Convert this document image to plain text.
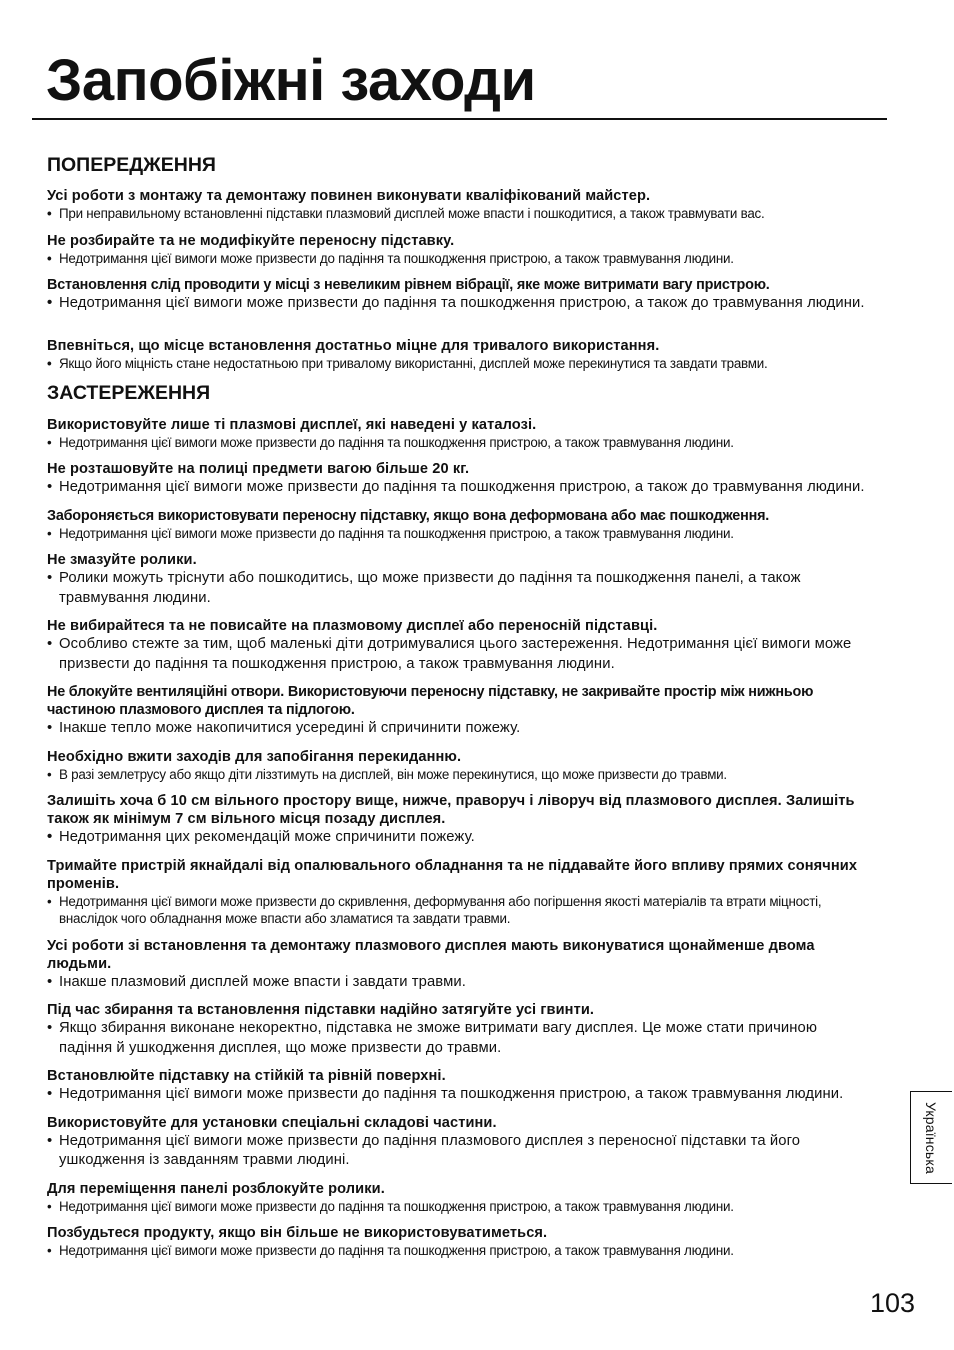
Запобіжні заходи
ПОПЕРЕДЖЕННЯ
Усі роботи з монтажу та демонтажу повинен виконувати кваліфікований майстер.
• При неправильному встановленні підставки плазмовий дисплей може впасти і пошкодитися, а також травмувати вас.
Не розбирайте та не модифікуйте переносну підставку.
• Недотримання цієї вимоги може призвести до падіння та пошкодження пристрою, а також травмування людини.
Встановлення слід проводити у місці з невеликим рівнем вібрації, яке може витримати вагу пристрою.
• Недотримання цієї вимоги може призвести до падіння та пошкодження пристрою, а також до травмування людини.
Впевніться, що місце встановлення достатньо міцне для тривалого використання.
• Якщо його міцність стане недостатньою при тривалому використанні, дисплей може перекинутися та завдати травми.
ЗАСТЕРЕЖЕННЯ
Використовуйте лише ті плазмові дисплеї, які наведені у каталозі.
• Недотримання цієї вимоги може призвести до падіння та пошкодження пристрою, а також травмування людини.
Не розташовуйте на полиці предмети вагою більше 20 кг.
• Недотримання цієї вимоги може призвести до падіння та пошкодження пристрою, а також до травмування людини.
Забороняється використовувати переносну підставку, якщо вона деформована або має пошкодження.
• Недотримання цієї вимоги може призвести до падіння та пошкодження пристрою, а також травмування людини.
Не змазуйте ролики.
• Ролики можуть тріснути або пошкодитись, що може призвести до падіння та пошкодження панелі, а також травмування людини.
Не вибирайтеся та не повисайте на плазмовому дисплеї або переносній підставці.
• Особливо стежте за тим, щоб маленькі діти дотримувалися цього застереження. Недотримання цієї вимоги може призвести до падіння та пошкодження пристрою, а також травмування людини.
Не блокуйте вентиляційні отвори. Використовуючи переносну підставку, не закривайте простір між нижньою частиною плазмового дисплея та підлогою.
• Інакше тепло може накопичитися усередині й спричинити пожежу.
Необхідно вжити заходів для запобігання перекиданню.
• В разі землетрусу або якщо діти ліззтимуть на дисплей, він може перекинутися, що може призвести до травми.
Залишіть хоча б 10 см вільного простору вище, нижче, праворуч і ліворуч від плазмового дисплея. Залишіть також як мінімум 7 см вільного місця позаду дисплея.
• Недотримання цих рекомендацій може спричинити пожежу.
Тримайте пристрій якнайдалі від опалювального обладнання та не піддавайте його впливу прямих сонячних променів.
• Недотримання цієї вимоги може призвести до скривлення, деформування або погіршення якості матеріалів та втрати міцності, внаслідок чого обладнання може впасти або зламатися та завдати травми.
Усі роботи зі встановлення та демонтажу плазмового дисплея мають виконуватися щонайменше двома людьми.
• Інакше плазмовий дисплей може впасти і завдати травми.
Під час збирання та встановлення підставки надійно затягуйте усі гвинти.
• Якщо збирання виконане некоректно, підставка не зможе витримати вагу дисплея. Це може стати причиною падіння й ушкодження дисплея, що може призвести до травми.
Встановлюйте підставку на стійкій та рівній поверхні.
• Недотримання цієї вимоги може призвести до падіння та пошкодження пристрою, а також травмування людини.
Використовуйте для установки спеціальні складові частини.
• Недотримання цієї вимоги може призвести до падіння плазмового дисплея з переносної підставки та його ушкодження із завданням травми людині.
Для переміщення панелі розблокуйте ролики.
• Недотримання цієї вимоги може призвести до падіння та пошкодження пристрою, а також травмування людини.
Позбудьтеся продукту, якщо він більше не використовуватиметься.
• Недотримання цієї вимоги може призвести до падіння та пошкодження пристрою, а також травмування людини.
Українська
103
